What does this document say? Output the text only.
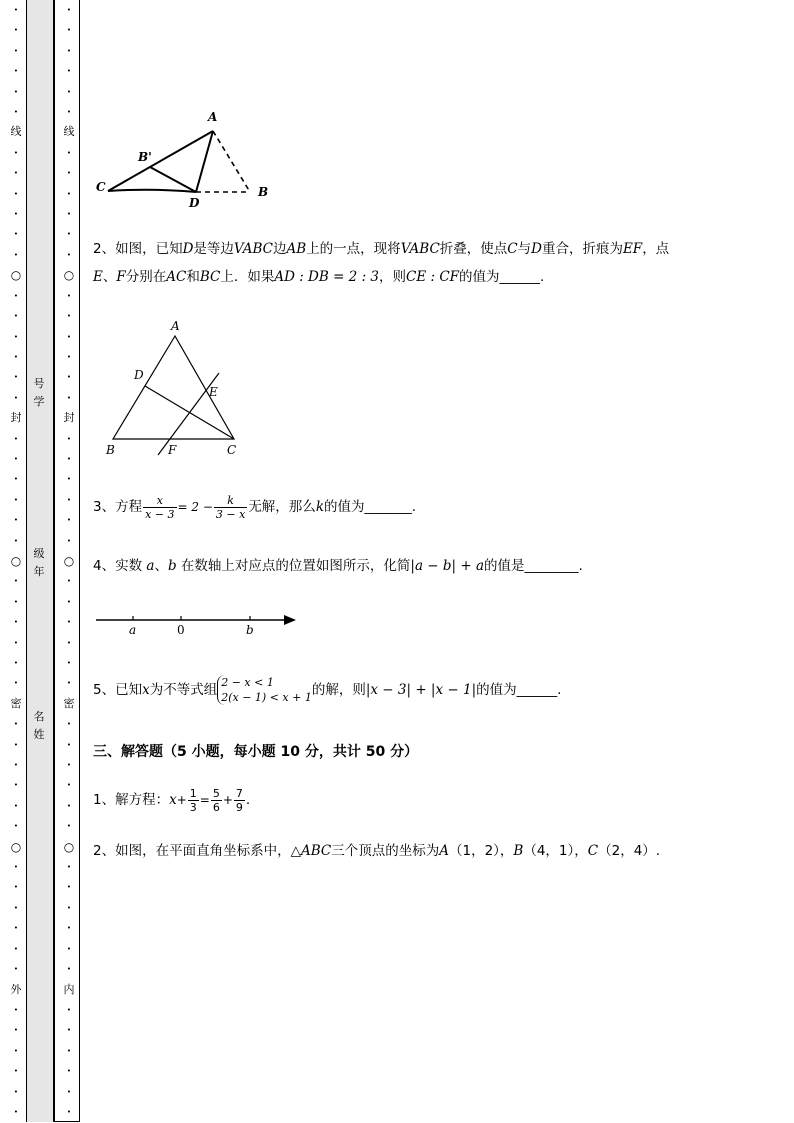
•
•
•
•
•
•
线
•
•
•
•
•
•
○
•
•
•
•
•
•
封
•
•
•
•
•
•
○
•
•
•
•
•
•
密
•
•
•
•
•
•
○
•
•
•
•
•
•
外
•
•
•
•
•
•
•
•
•
•
•
•
线
•
•
•
•
•
•
○
•
•
•
•
•
•
封
•
•
•
•
•
•
○
•
•
•
•
•
•
密
•
•
•
•
•
•
○
•
•
•
•
•
•
内
•
•
•
•
•
•
号学
级年
名姓
A
B'
C
D
B
2、如图，已知D是等边VABC边AB上的一点，现将VABC折叠，使点C与D重合，折痕为EF，点
E、F分别在AC和BC上．如果AD : DB = 2 : 3，则CE : CF的值为______.
A
D
E
B	F	C
3、方程 $\frac{x}{x - 3} = 2 - \frac{k}{3 - x}$ 无解，那么k的值为_______.
4、实数 a、b 在数轴上对应点的位置如图所示，化简|a − b| + a的值是________.
a	0	b
5、已知x为不等式组 2 − x < 1
2(x − 1) < x + 1 的解，则|x − 3| + |x − 1|的值为______.
三、解答题（5 小题，每小题 10 分，共计 50 分）
1、解方程：$x+ \frac{1}{3} = \frac{5}{6} + \frac{7}{9}$ .
2、如图，在平面直角坐标系中，△ABC三个顶点的坐标为A（1，2），B（4，1），C（2，4）.
